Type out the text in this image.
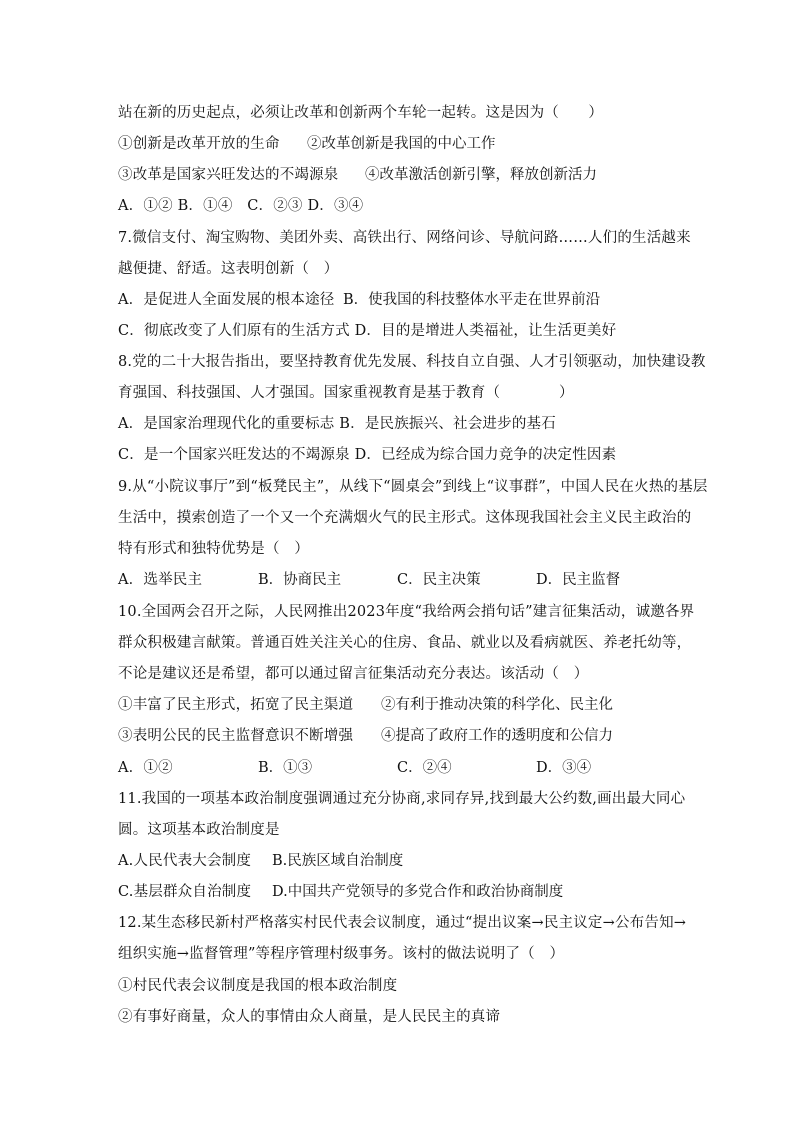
站在新的历史起点，必须让改革和创新两个车轮一起转。这是因为（　　）
①创新是改革开放的生命 ②改革创新是我国的中心工作
③改革是国家兴旺发达的不竭源泉 ④改革激活创新引擎，释放创新活力
A．①② B．①④　C．②③ D．③④
7.微信支付、淘宝购物、美团外卖、高铁出行、网络问诊、导航问路……人们的生活越来
越便捷、舒适。这表明创新（　）
A．是促进人全面发展的根本途径 B．使我国的科技整体水平走在世界前沿
C．彻底改变了人们原有的生活方式 D．目的是增进人类福祉，让生活更美好
8.党的二十大报告指出，要坚持教育优先发展、科技自立自强、人才引领驱动，加快建设教
育强国、科技强国、人才强国。国家重视教育是基于教育（　　　　）
A．是国家治理现代化的重要标志 B．是民族振兴、社会进步的基石
C．是一个国家兴旺发达的不竭源泉 D．已经成为综合国力竞争的决定性因素
9.从“小院议事厅”到“板凳民主”，从线下“圆桌会”到线上“议事群”，中国人民在火热的基层
生活中，摸索创造了一个又一个充满烟火气的民主形式。这体现我国社会主义民主政治的
特有形式和独特优势是（　）
A．选举民主	B．协商民主	C．民主决策	D．民主监督
10.全国两会召开之际，人民网推出2023年度“我给两会捎句话”建言征集活动，诚邀各界
群众积极建言献策。普通百姓关注关心的住房、食品、就业以及看病就医、养老托幼等，
不论是建议还是希望，都可以通过留言征集活动充分表达。该活动（　）
①丰富了民主形式，拓宽了民主渠道 ②有利于推动决策的科学化、民主化
③表明公民的民主监督意识不断增强 ④提高了政府工作的透明度和公信力
A．①②	B．①③	C．②④	D．③④
11.我国的一项基本政治制度强调通过充分协商,求同存异,找到最大公约数,画出最大同心
圆。这项基本政治制度是
A.人民代表大会制度 B.民族区域自治制度
C.基层群众自治制度 D.中国共产党领导的多党合作和政治协商制度
12.某生态移民新村严格落实村民代表会议制度，通过“提出议案→民主议定→公布告知→
组织实施→监督管理”等程序管理村级事务。该村的做法说明了（　）
①村民代表会议制度是我国的根本政治制度
②有事好商量，众人的事情由众人商量，是人民民主的真谛
